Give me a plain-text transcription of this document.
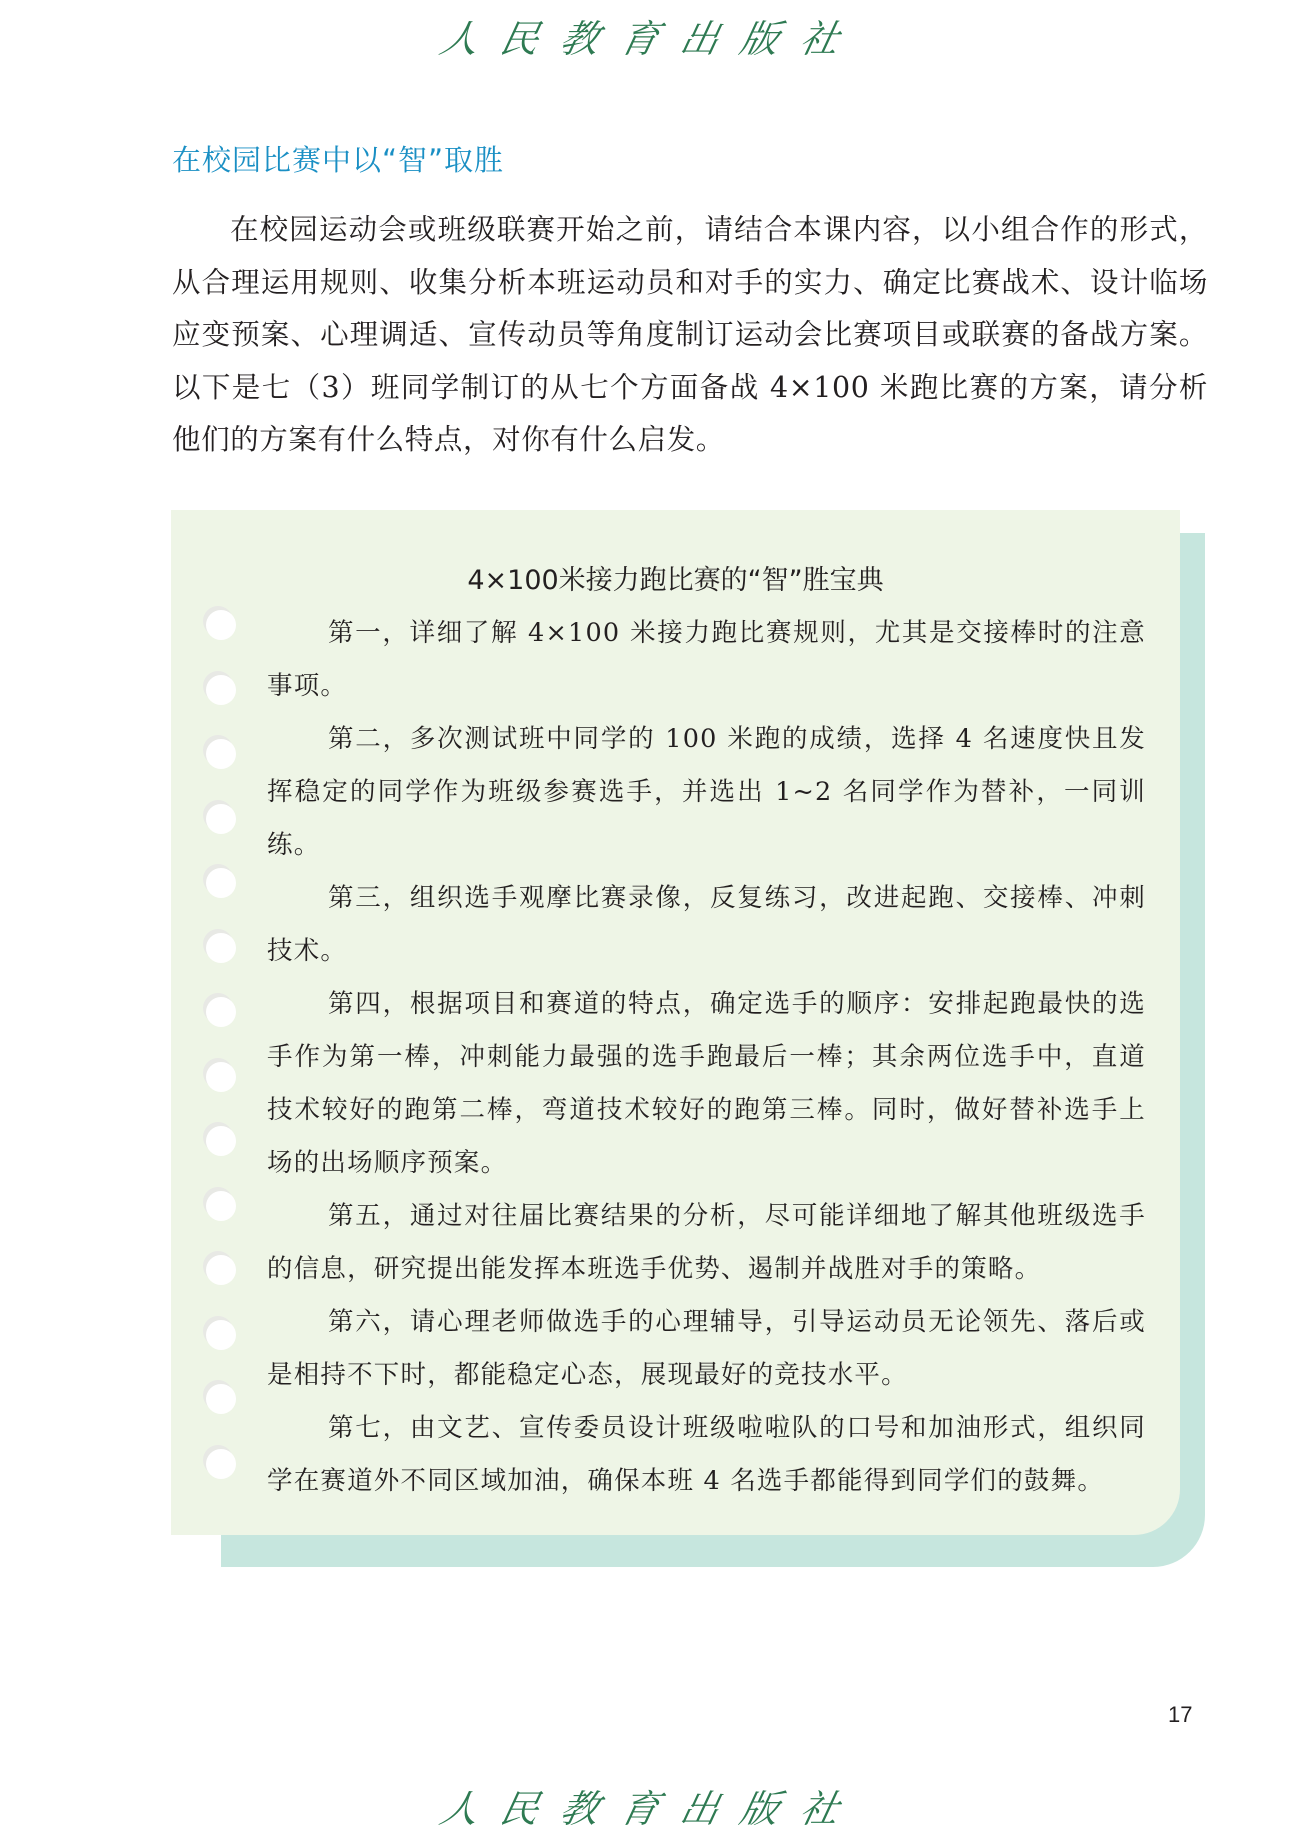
人民教育出版社
在校园比赛中以“智”取胜

在校园运动会或班级联赛开始之前，请结合本课内容，以小组合作的形式，从合理运用规则、收集分析本班运动员和对手的实力、确定比赛战术、设计临场应变预案、心理调适、宣传动员等角度制订运动会比赛项目或联赛的备战方案。以下是七（3）班同学制订的从七个方面备战 4×100 米跑比赛的方案，请分析他们的方案有什么特点，对你有什么启发。

4×100米接力跑比赛的“智”胜宝典

第一，详细了解 4×100 米接力跑比赛规则，尤其是交接棒时的注意事项。

第二，多次测试班中同学的 100 米跑的成绩，选择 4 名速度快且发挥稳定的同学作为班级参赛选手，并选出 1~2 名同学作为替补，一同训练。

第三，组织选手观摩比赛录像，反复练习，改进起跑、交接棒、冲刺技术。

第四，根据项目和赛道的特点，确定选手的顺序：安排起跑最快的选手作为第一棒，冲刺能力最强的选手跑最后一棒；其余两位选手中，直道技术较好的跑第二棒，弯道技术较好的跑第三棒。同时，做好替补选手上场的出场顺序预案。

第五，通过对往届比赛结果的分析，尽可能详细地了解其他班级选手的信息，研究提出能发挥本班选手优势、遏制并战胜对手的策略。

第六，请心理老师做选手的心理辅导，引导运动员无论领先、落后或是相持不下时，都能稳定心态，展现最好的竞技水平。

第七，由文艺、宣传委员设计班级啦啦队的口号和加油形式，组织同学在赛道外不同区域加油，确保本班 4 名选手都能得到同学们的鼓舞。

17
人民教育出版社
